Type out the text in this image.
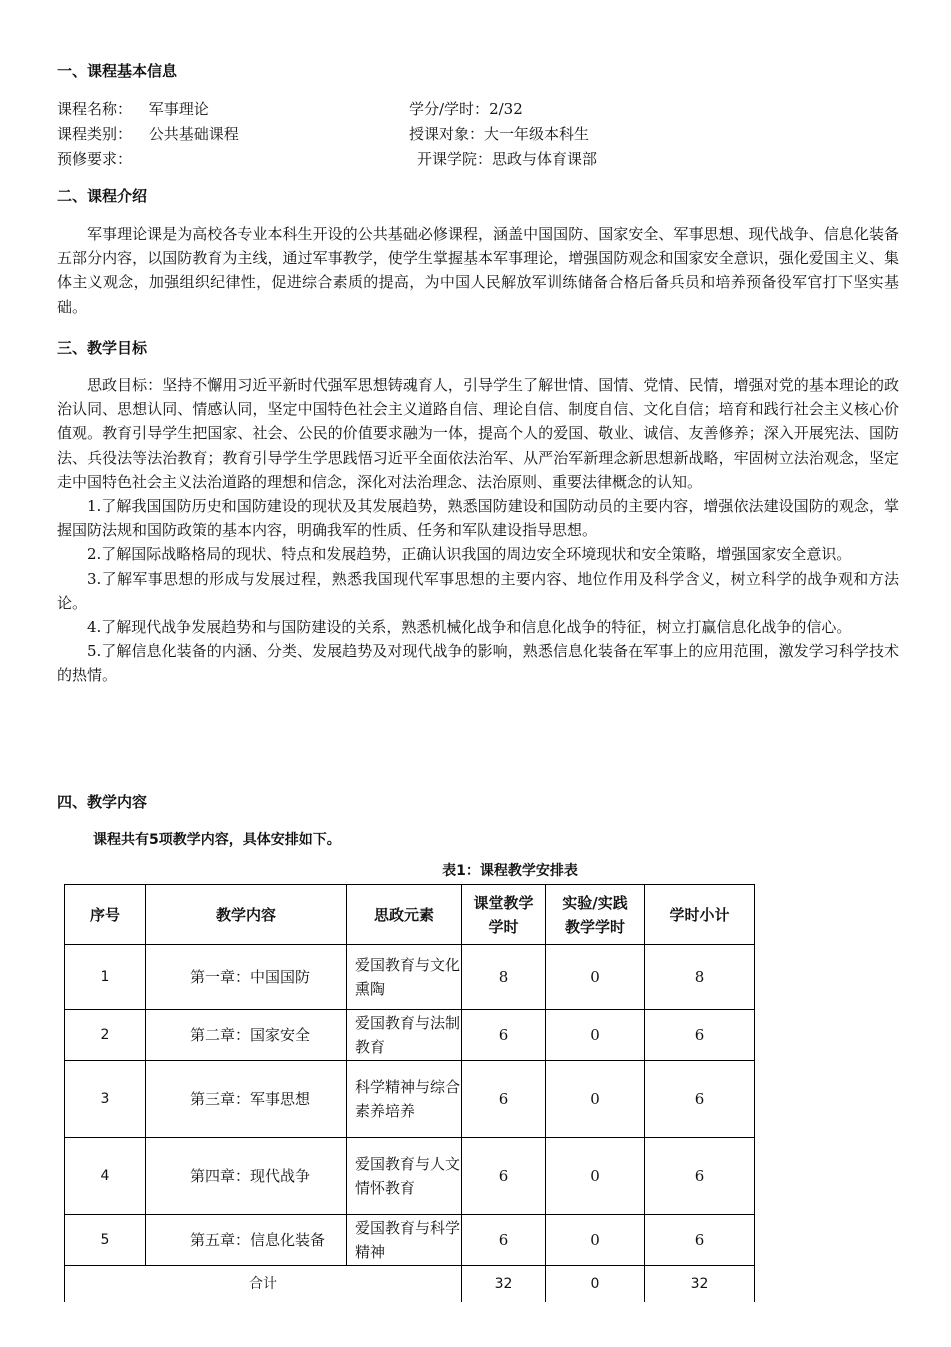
一、课程基本信息
课程名称： 军事理论	学分/学时：2/32
课程类别： 公共基础课程	授课对象：大一年级本科生
预修要求：	开课学院：思政与体育课部
二、课程介绍

军事理论课是为高校各专业本科生开设的公共基础必修课程，涵盖中国国防、国家安全、军事思想、现代战争、信息化装备五部分内容，以国防教育为主线，通过军事教学，使学生掌握基本军事理论，增强国防观念和国家安全意识，强化爱国主义、集体主义观念，加强组织纪律性，促进综合素质的提高，为中国人民解放军训练储备合格后备兵员和培养预备役军官打下坚实基础。

三、教学目标

思政目标：坚持不懈用习近平新时代强军思想铸魂育人，引导学生了解世情、国情、党情、民情，增强对党的基本理论的政治认同、思想认同、情感认同，坚定中国特色社会主义道路自信、理论自信、制度自信、文化自信；培育和践行社会主义核心价值观。教育引导学生把国家、社会、公民的价值要求融为一体，提高个人的爱国、敬业、诚信、友善修养；深入开展宪法、国防法、兵役法等法治教育；教育引导学生学思践悟习近平全面依法治军、从严治军新理念新思想新战略，牢固树立法治观念，坚定走中国特色社会主义法治道路的理想和信念，深化对法治理念、法治原则、重要法律概念的认知。

1.了解我国国防历史和国防建设的现状及其发展趋势，熟悉国防建设和国防动员的主要内容，增强依法建设国防的观念，掌握国防法规和国防政策的基本内容，明确我军的性质、任务和军队建设指导思想。

2.了解国际战略格局的现状、特点和发展趋势，正确认识我国的周边安全环境现状和安全策略，增强国家安全意识。

3.了解军事思想的形成与发展过程，熟悉我国现代军事思想的主要内容、地位作用及科学含义，树立科学的战争观和方法论。

4.了解现代战争发展趋势和与国防建设的关系，熟悉机械化战争和信息化战争的特征，树立打赢信息化战争的信心。

5.了解信息化装备的内涵、分类、发展趋势及对现代战争的影响，熟悉信息化装备在军事上的应用范围，激发学习科学技术的热情。

四、教学内容
课程共有5项教学内容，具体安排如下。
表1：课程教学安排表
序号	教学内容	思政元素	课堂教学学时	实验/实践教学学时	学时小计
1	第一章：中国国防	爱国教育与文化熏陶	8	0	8
2	第二章：国家安全	爱国教育与法制教育	6	0	6
3	第三章：军事思想	科学精神与综合素养培养	6	0	6
4	第四章：现代战争	爱国教育与人文情怀教育	6	0	6
5	第五章：信息化装备	爱国教育与科学精神	6	0	6
合计			32	0	32
